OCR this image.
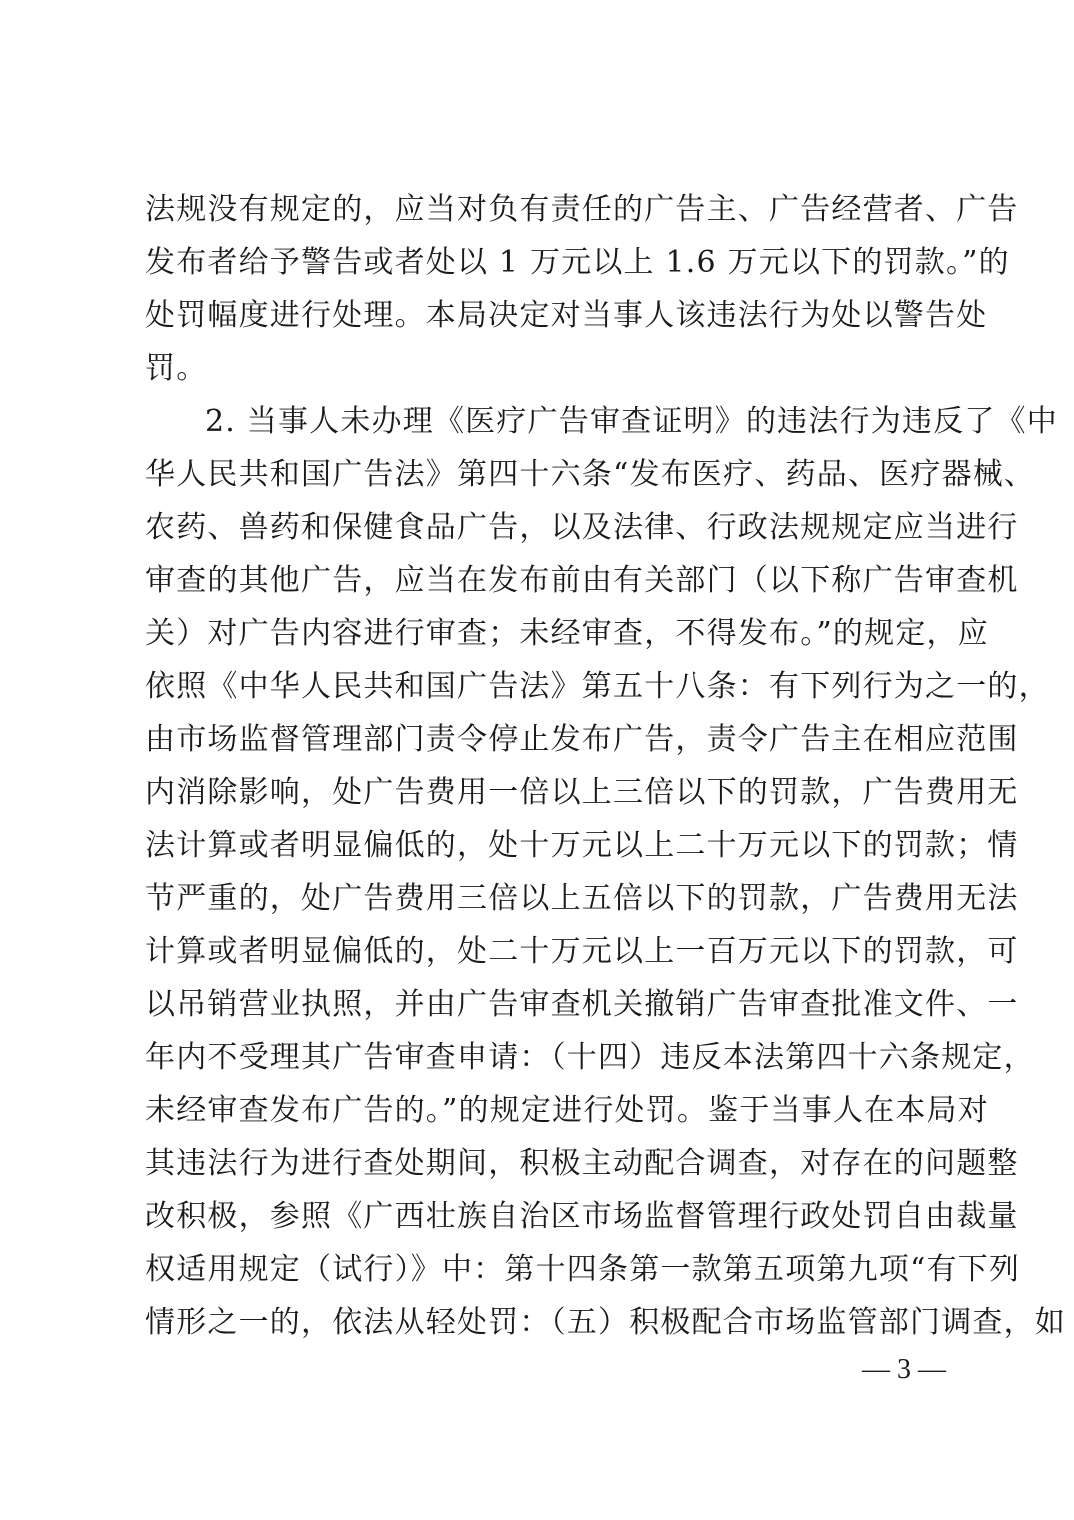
法规没有规定的，应当对负有责任的广告主、广告经营者、广告
发布者给予警告或者处以 1 万元以上 1.6 万元以下的罚款。”的
处罚幅度进行处理。本局决定对当事人该违法行为处以警告处
罚。
2. 当事人未办理《医疗广告审查证明》的违法行为违反了《中
华人民共和国广告法》第四十六条“发布医疗、药品、医疗器械、
农药、兽药和保健食品广告，以及法律、行政法规规定应当进行
审查的其他广告，应当在发布前由有关部门（以下称广告审查机
关）对广告内容进行审查；未经审查，不得发布。”的规定，应
依照《中华人民共和国广告法》第五十八条：有下列行为之一的，
由市场监督管理部门责令停止发布广告，责令广告主在相应范围
内消除影响，处广告费用一倍以上三倍以下的罚款，广告费用无
法计算或者明显偏低的，处十万元以上二十万元以下的罚款；情
节严重的，处广告费用三倍以上五倍以下的罚款，广告费用无法
计算或者明显偏低的，处二十万元以上一百万元以下的罚款，可
以吊销营业执照，并由广告审查机关撤销广告审查批准文件、一
年内不受理其广告审查申请：（十四）违反本法第四十六条规定，
未经审查发布广告的。”的规定进行处罚。鉴于当事人在本局对
其违法行为进行查处期间，积极主动配合调查，对存在的问题整
改积极，参照《广西壮族自治区市场监督管理行政处罚自由裁量
权适用规定（试行）》中：第十四条第一款第五项第九项“有下列
情形之一的，依法从轻处罚：（五）积极配合市场监管部门调查，如
— 3 —
